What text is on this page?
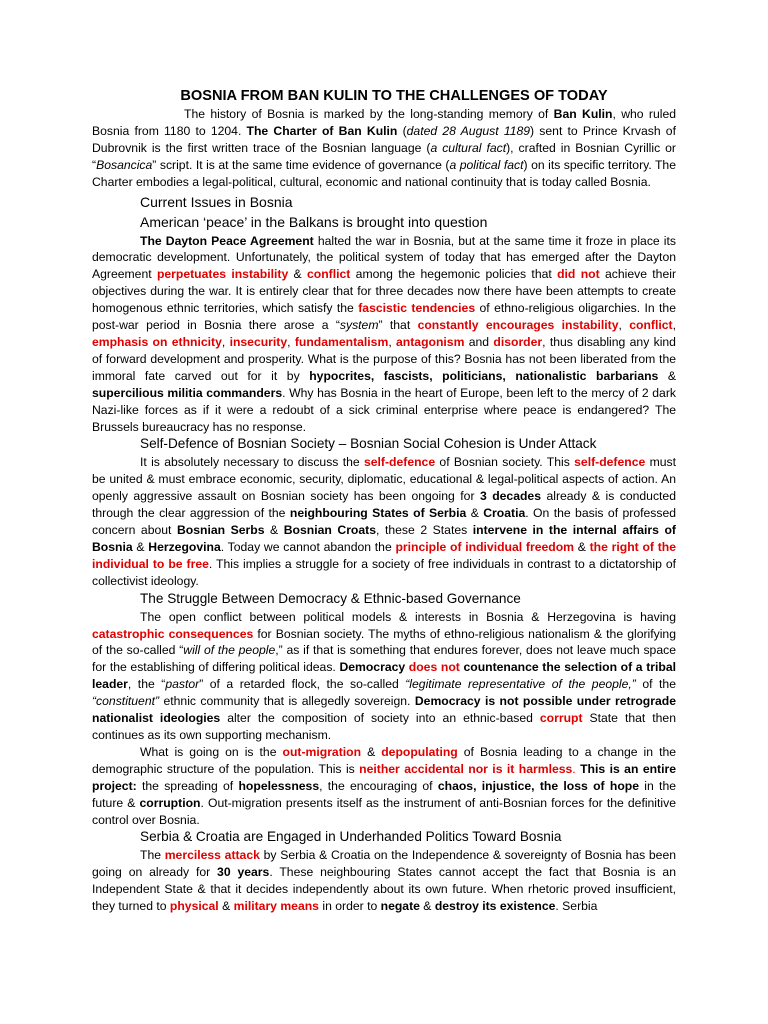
BOSNIA FROM BAN KULIN TO THE CHALLENGES OF TODAY

The history of Bosnia is marked by the long-standing memory of Ban Kulin, who ruled Bosnia from 1180 to 1204. The Charter of Ban Kulin (dated 28 August 1189) sent to Prince Krvash of Dubrovnik is the first written trace of the Bosnian language (a cultural fact), crafted in Bosnian Cyrillic or “Bosancica” script. It is at the same time evidence of governance (a political fact) on its specific territory. The Charter embodies a legal-political, cultural, economic and national continuity that is today called Bosnia.

Current Issues in Bosnia
American ‘peace’ in the Balkans is brought into question

The Dayton Peace Agreement halted the war in Bosnia, but at the same time it froze in place its democratic development. Unfortunately, the political system of today that has emerged after the Dayton Agreement perpetuates instability & conflict among the hegemonic policies that did not achieve their objectives during the war. It is entirely clear that for three decades now there have been attempts to create homogenous ethnic territories, which satisfy the fascistic tendencies of ethno-religious oligarchies. In the post-war period in Bosnia there arose a “system” that constantly encourages instability, conflict, emphasis on ethnicity, insecurity, fundamentalism, antagonism and disorder, thus disabling any kind of forward development and prosperity. What is the purpose of this? Bosnia has not been liberated from the immoral fate carved out for it by hypocrites, fascists, politicians, nationalistic barbarians & supercilious militia commanders. Why has Bosnia in the heart of Europe, been left to the mercy of 2 dark Nazi-like forces as if it were a redoubt of a sick criminal enterprise where peace is endangered? The Brussels bureaucracy has no response.

Self-Defence of Bosnian Society – Bosnian Social Cohesion is Under Attack

It is absolutely necessary to discuss the self-defence of Bosnian society. This self-defence must be united & must embrace economic, security, diplomatic, educational & legal-political aspects of action. An openly aggressive assault on Bosnian society has been ongoing for 3 decades already & is conducted through the clear aggression of the neighbouring States of Serbia & Croatia. On the basis of professed concern about Bosnian Serbs & Bosnian Croats, these 2 States intervene in the internal affairs of Bosnia & Herzegovina. Today we cannot abandon the principle of individual freedom & the right of the individual to be free. This implies a struggle for a society of free individuals in contrast to a dictatorship of collectivist ideology.

The Struggle Between Democracy & Ethnic-based Governance

The open conflict between political models & interests in Bosnia & Herzegovina is having catastrophic consequences for Bosnian society. The myths of ethno-religious nationalism & the glorifying of the so-called “will of the people,” as if that is something that endures forever, does not leave much space for the establishing of differing political ideas. Democracy does not countenance the selection of a tribal leader, the “pastor” of a retarded flock, the so-called “legitimate representative of the people,” of the “constituent” ethnic community that is allegedly sovereign. Democracy is not possible under retrograde nationalist ideologies alter the composition of society into an ethnic-based corrupt State that then continues as its own supporting mechanism.

What is going on is the out-migration & depopulating of Bosnia leading to a change in the demographic structure of the population. This is neither accidental nor is it harmless. This is an entire project: the spreading of hopelessness, the encouraging of chaos, injustice, the loss of hope in the future & corruption. Out-migration presents itself as the instrument of anti-Bosnian forces for the definitive control over Bosnia.

Serbia & Croatia are Engaged in Underhanded Politics Toward Bosnia

The merciless attack by Serbia & Croatia on the Independence & sovereignty of Bosnia has been going on already for 30 years. These neighbouring States cannot accept the fact that Bosnia is an Independent State & that it decides independently about its own future. When rhetoric proved insufficient, they turned to physical & military means in order to negate & destroy its existence. Serbia
